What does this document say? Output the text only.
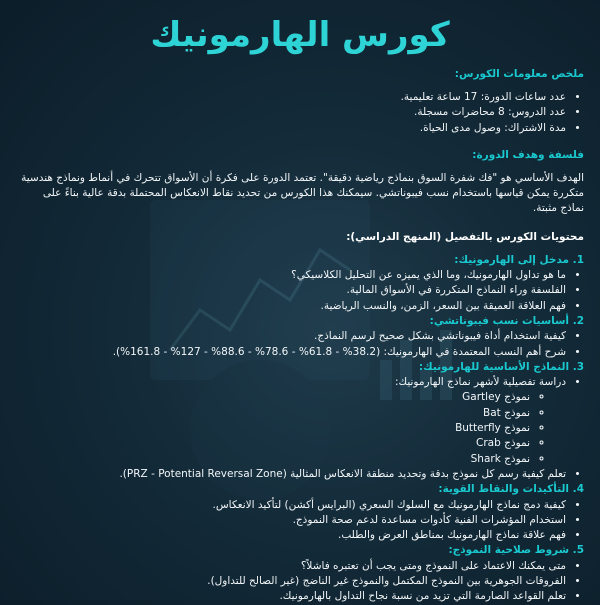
كورس الهارمونيك
ملخص معلومات الكورس:
• عدد ساعات الدورة: 17 ساعة تعليمية.
• عدد الدروس: 8 محاضرات مسجلة.
• مدة الاشتراك: وصول مدى الحياة.
فلسفة وهدف الدورة:

الهدف الأساسي هو "فك شفرة السوق بنماذج رياضية دقيقة". تعتمد الدورة على فكرة أن الأسواق تتحرك في أنماط ونماذج هندسية متكررة يمكن قياسها باستخدام نسب فيبوناتشي. سيمكنك هذا الكورس من تحديد نقاط الانعكاس المحتملة بدقة عالية بناءً على نماذج مثبتة.

محتويات الكورس بالتفصيل (المنهج الدراسي):
1. مدخل إلى الهارمونيك:
• ما هو تداول الهارمونيك، وما الذي يميزه عن التحليل الكلاسيكي؟
• الفلسفة وراء النماذج المتكررة في الأسواق المالية.
• فهم العلاقة العميقة بين السعر، الزمن، والنسب الرياضية.
2. أساسيات نسب فيبوناتشي:
• كيفية استخدام أداة فيبوناتشي بشكل صحيح لرسم النماذج.
• شرح أهم النسب المعتمدة في الهارمونيك: (38.2% - 61.8% - 78.6% - 88.6% - 127% - 161.8%).
3. النماذج الأساسية للهارمونيك:
• دراسة تفصيلية لأشهر نماذج الهارمونيك:
◦ نموذج Gartley
◦ نموذج Bat
◦ نموذج Butterfly
◦ نموذج Crab
◦ نموذج Shark
• تعلم كيفية رسم كل نموذج بدقة وتحديد منطقة الانعكاس المثالية (PRZ - Potential Reversal Zone).
4. التأكيدات والنقاط القوية:
• كيفية دمج نماذج الهارمونيك مع السلوك السعري (البرايس أكشن) لتأكيد الانعكاس.
• استخدام المؤشرات الفنية كأدوات مساعدة لدعم صحة النموذج.
• فهم علاقة نماذج الهارمونيك بمناطق العرض والطلب.
5. شروط صلاحية النموذج:
• متى يمكنك الاعتماد على النموذج ومتى يجب أن تعتبره فاشلاً؟
• الفروقات الجوهرية بين النموذج المكتمل والنموذج غير الناضج (غير الصالح للتداول).
• تعلم القواعد الصارمة التي تزيد من نسبة نجاح التداول بالهارمونيك.
